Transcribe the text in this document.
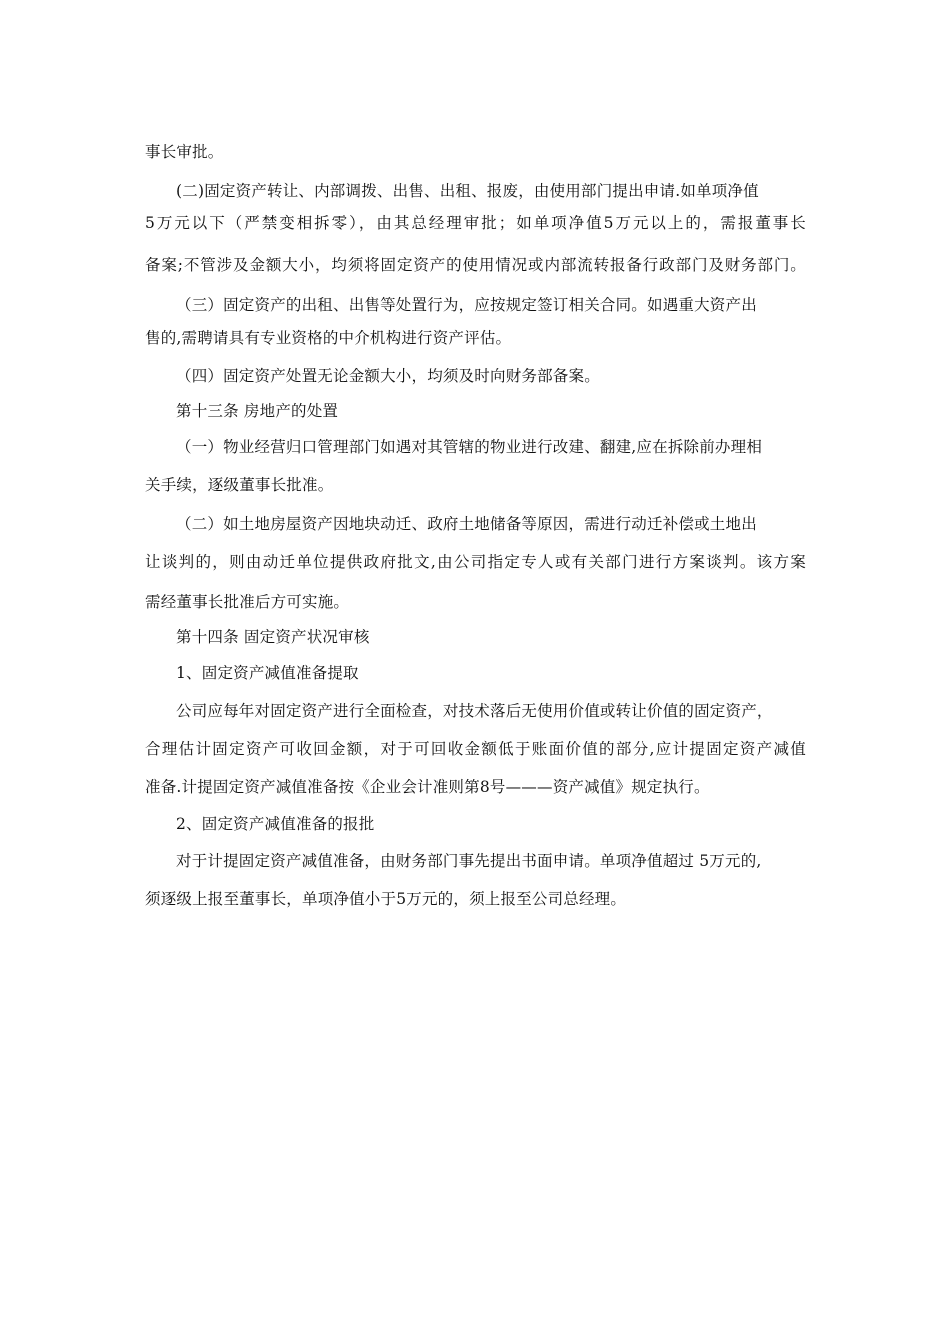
事长审批。
(二)固定资产转让、内部调拨、出售、出租、报废，由使用部门提出申请.如单项净值
5万元以下（严禁变相拆零），由其总经理审批；如单项净值5万元以上的，需报董事长
备案;不管涉及金额大小，均须将固定资产的使用情况或内部流转报备行政部门及财务部门。
（三）固定资产的出租、出售等处置行为，应按规定签订相关合同。如遇重大资产出
售的,需聘请具有专业资格的中介机构进行资产评估。
（四）固定资产处置无论金额大小，均须及时向财务部备案。
第十三条 房地产的处置
（一）物业经营归口管理部门如遇对其管辖的物业进行改建、翻建,应在拆除前办理相
关手续，逐级董事长批准。
（二）如土地房屋资产因地块动迁、政府土地储备等原因，需进行动迁补偿或土地出
让谈判的，则由动迁单位提供政府批文,由公司指定专人或有关部门进行方案谈判。该方案
需经董事长批准后方可实施。
第十四条 固定资产状况审核
1、固定资产减值准备提取
公司应每年对固定资产进行全面检查，对技术落后无使用价值或转让价值的固定资产，
合理估计固定资产可收回金额，对于可回收金额低于账面价值的部分,应计提固定资产减值
准备.计提固定资产减值准备按《企业会计准则第8号———资产减值》规定执行。
2、固定资产减值准备的报批
对于计提固定资产减值准备，由财务部门事先提出书面申请。单项净值超过 5万元的,
须逐级上报至董事长，单项净值小于5万元的，须上报至公司总经理。
